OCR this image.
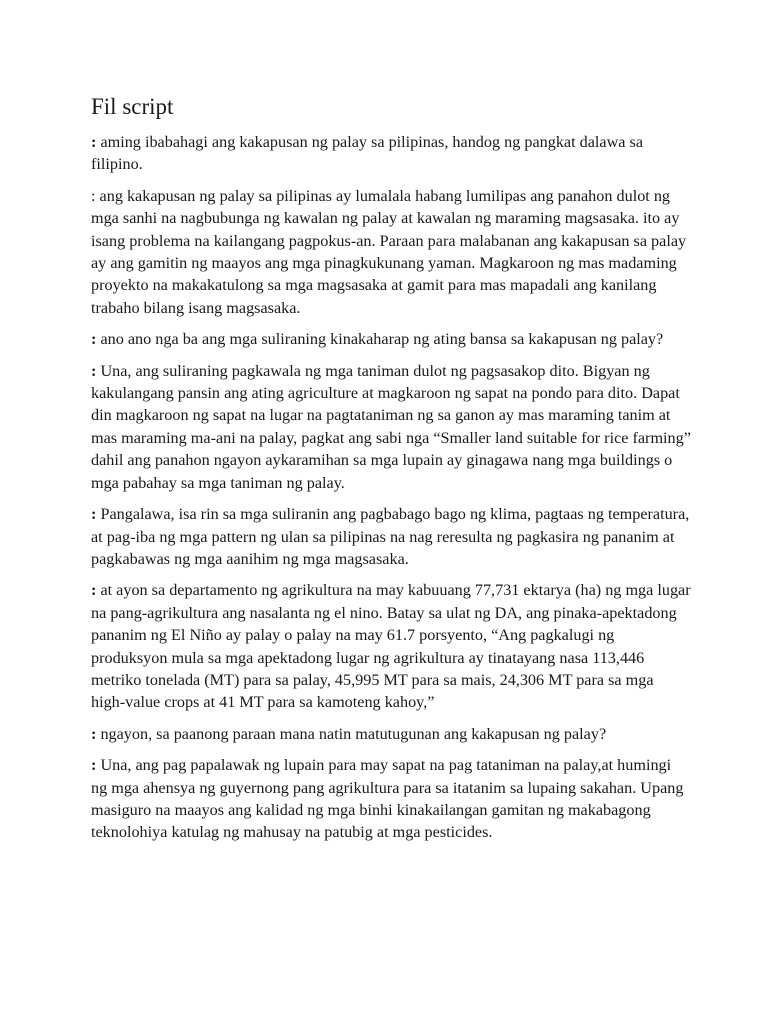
Fil script

: aming ibabahagi ang kakapusan ng palay sa pilipinas, handog ng pangkat dalawa sa filipino.

: ang kakapusan ng palay sa pilipinas ay lumalala habang lumilipas ang panahon dulot ng mga sanhi na nagbubunga ng kawalan ng palay at kawalan ng maraming magsasaka. ito ay isang problema na kailangang pagpokus-an. Paraan para malabanan ang kakapusan sa palay ay ang gamitin ng maayos ang mga pinagkukunang yaman. Magkaroon ng mas madaming proyekto na makakatulong sa mga magsasaka at gamit para mas mapadali ang kanilang trabaho bilang isang magsasaka.

: ano ano nga ba ang mga suliraning kinakaharap ng ating bansa sa kakapusan ng palay?

: Una, ang suliraning pagkawala ng mga taniman dulot ng pagsasakop dito. Bigyan ng kakulangang pansin ang ating agriculture at magkaroon ng sapat na pondo para dito. Dapat din magkaroon ng sapat na lugar na pagtataniman ng sa ganon ay mas maraming tanim at mas maraming ma-ani na palay, pagkat ang sabi nga “Smaller land suitable for rice farming” dahil ang panahon ngayon aykaramihan sa mga lupain ay ginagawa nang mga buildings o mga pabahay sa mga taniman ng palay.

: Pangalawa, isa rin sa mga suliranin ang pagbabago bago ng klima, pagtaas ng temperatura, at pag-iba ng mga pattern ng ulan sa pilipinas na nag reresulta ng pagkasira ng pananim at pagkabawas ng mga aanihim ng mga magsasaka.

: at ayon sa departamento ng agrikultura na may kabuuang 77,731 ektarya (ha) ng mga lugar na pang-agrikultura ang nasalanta ng el nino. Batay sa ulat ng DA, ang pinaka-apektadong pananim ng El Niño ay palay o palay na may 61.7 porsyento, “Ang pagkalugi ng produksyon mula sa mga apektadong lugar ng agrikultura ay tinatayang nasa 113,446 metriko tonelada (MT) para sa palay, 45,995 MT para sa mais, 24,306 MT para sa mga high-value crops at 41 MT para sa kamoteng kahoy,”

: ngayon, sa paanong paraan mana natin matutugunan ang kakapusan ng palay?

: Una, ang pag papalawak ng lupain para may sapat na pag tataniman na palay,at humingi ng mga ahensya ng guyernong pang agrikultura para sa itatanim sa lupaing sakahan. Upang masiguro na maayos ang kalidad ng mga binhi kinakailangan gamitan ng makabagong teknolohiya katulag ng mahusay na patubig at mga pesticides.
